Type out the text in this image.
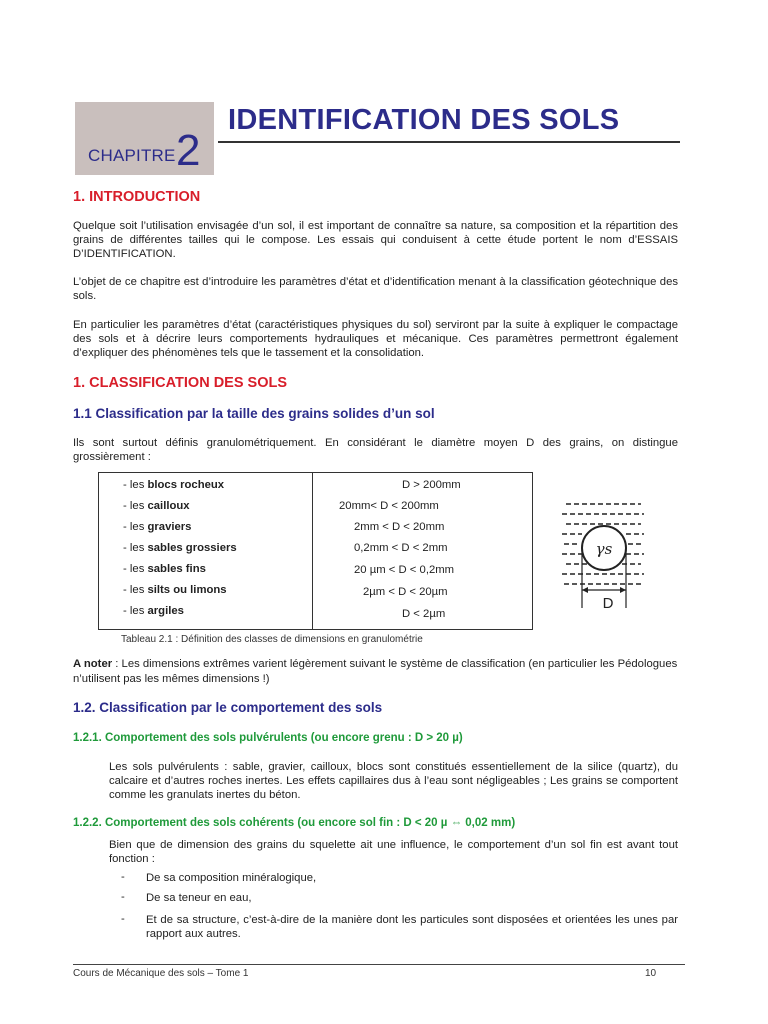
CHAPITRE 2
IDENTIFICATION DES SOLS
1. INTRODUCTION

Quelque soit l’utilisation envisagée d’un sol, il est important de connaître sa nature, sa composition et la répartition des grains de différentes tailles qui le compose. Les essais qui conduisent à cette étude portent le nom d’ESSAIS D’IDENTIFICATION.

L’objet de ce chapitre est d’introduire les paramètres d’état et d’identification menant à la classification géotechnique des sols.

En particulier les paramètres d’état (caractéristiques physiques du sol) serviront par la suite à expliquer le compactage des sols et à décrire leurs comportements hydrauliques et mécanique. Ces paramètres permettront également d’expliquer des phénomènes tels que le tassement et la consolidation.

1. CLASSIFICATION DES SOLS
1.1 Classification par la taille des grains solides d’un sol

Ils sont surtout définis granulométriquement. En considérant le diamètre moyen D des grains, on distingue grossièrement :

- les blocs rocheux
- les cailloux
- les graviers
- les sables grossiers
- les sables fins
- les silts ou limons
- les argiles
D > 200mm
20mm< D < 200mm
2mm < D < 20mm
0,2mm < D < 2mm
20 µm < D < 0,2mm
2µm < D < 20µm
D < 2µm
γs
D
Tableau 2.1 : Définition des classes de dimensions en granulométrie
A noter : Les dimensions extrêmes varient légèrement suivant le système de classification (en particulier les Pédologues n’utilisent pas les mêmes dimensions !)
1.2. Classification par le comportement des sols
1.2.1. Comportement des sols pulvérulents (ou encore grenu : D > 20 µ)

Les sols pulvérulents : sable, gravier, cailloux, blocs sont constitués essentiellement de la silice (quartz), du calcaire et d’autres roches inertes. Les effets capillaires dus à l’eau sont négligeables ; Les grains se comportent comme les granulats inertes du béton.

1.2.2. Comportement des sols cohérents (ou encore sol fin : D < 20 µ ⇔ 0,02 mm)

Bien que de dimension des grains du squelette ait une influence, le comportement d’un sol fin est avant tout fonction :

- De sa composition minéralogique,
- De sa teneur en eau,
- Et de sa structure, c’est-à-dire de la manière dont les particules sont disposées et orientées les unes par rapport aux autres.
Cours de Mécanique des sols – Tome 1	10
